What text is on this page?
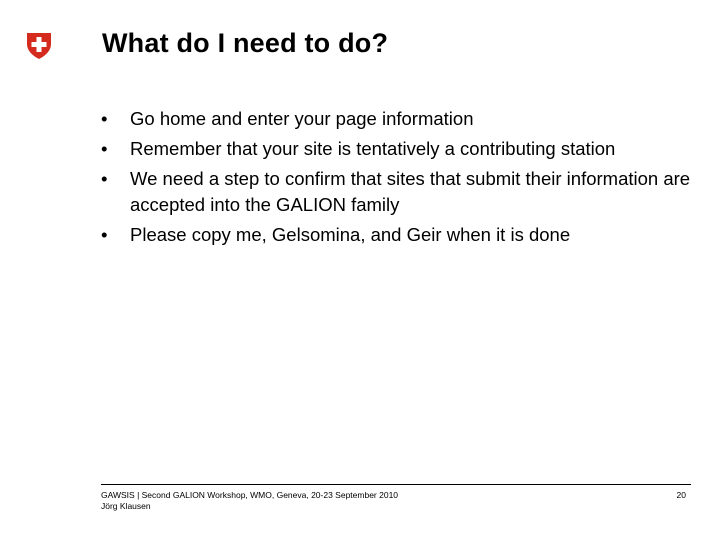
What do I need to do?
• Go home and enter your page information
• Remember that your site is tentatively a contributing station
• We need a step to confirm that sites that submit their information are accepted into the GALION family
• Please copy me, Gelsomina, and Geir when it is done
GAWSIS | Second GALION Workshop, WMO, Geneva, 20-23 September 2010
Jörg Klausen
20
